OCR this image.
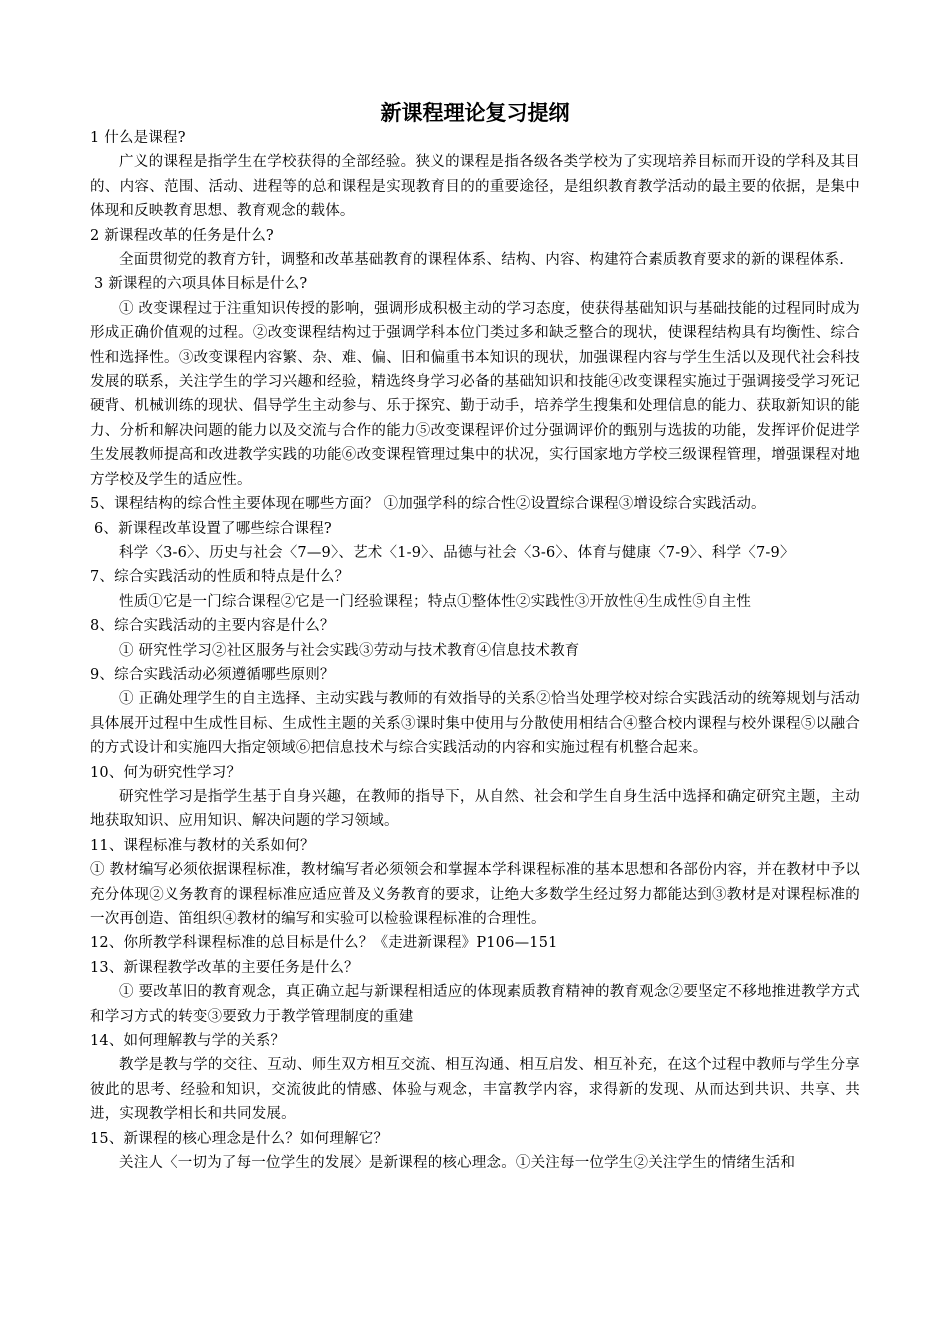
新课程理论复习提纲

1 什么是课程?

广义的课程是指学生在学校获得的全部经验。狭义的课程是指各级各类学校为了实现培养目标而开设的学科及其目的、内容、范围、活动、进程等的总和课程是实现教育目的的重要途径，是组织教育教学活动的最主要的依据，是集中体现和反映教育思想、教育观念的载体。

2 新课程改革的任务是什么?

全面贯彻党的教育方针，调整和改革基础教育的课程体系、结构、内容、构建符合素质教育要求的新的课程体系.

3 新课程的六项具体目标是什么?

① 改变课程过于注重知识传授的影响，强调形成积极主动的学习态度，使获得基础知识与基础技能的过程同时成为形成正确价值观的过程。②改变课程结构过于强调学科本位门类过多和缺乏整合的现状，使课程结构具有均衡性、综合性和选择性。③改变课程内容繁、杂、难、偏、旧和偏重书本知识的现状，加强课程内容与学生生活以及现代社会科技发展的联系，关注学生的学习兴趣和经验，精选终身学习必备的基础知识和技能④改变课程实施过于强调接受学习死记硬背、机械训练的现状、倡导学生主动参与、乐于探究、勤于动手，培养学生搜集和处理信息的能力、获取新知识的能力、分析和解决问题的能力以及交流与合作的能力⑤改变课程评价过分强调评价的甄别与选拔的功能，发挥评价促进学生发展教师提高和改进教学实践的功能⑥改变课程管理过集中的状况，实行国家地方学校三级课程管理，增强课程对地方学校及学生的适应性。

5、课程结构的综合性主要体现在哪些方面？ ①加强学科的综合性②设置综合课程③增设综合实践活动。

6、新课程改革设置了哪些综合课程?

科学〈3-6〉、历史与社会〈7—9〉、艺术〈1-9〉、品德与社会〈3-6〉、体育与健康〈7-9〉、科学〈7-9〉

7、综合实践活动的性质和特点是什么？

性质①它是一门综合课程②它是一门经验课程；特点①整体性②实践性③开放性④生成性⑤自主性

8、综合实践活动的主要内容是什么？

① 研究性学习②社区服务与社会实践③劳动与技术教育④信息技术教育

9、综合实践活动必须遵循哪些原则？

① 正确处理学生的自主选择、主动实践与教师的有效指导的关系②恰当处理学校对综合实践活动的统筹规划与活动具体展开过程中生成性目标、生成性主题的关系③课时集中使用与分散使用相结合④整合校内课程与校外课程⑤以融合的方式设计和实施四大指定领域⑥把信息技术与综合实践活动的内容和实施过程有机整合起来。

10、何为研究性学习？

研究性学习是指学生基于自身兴趣，在教师的指导下，从自然、社会和学生自身生活中选择和确定研究主题，主动地获取知识、应用知识、解决问题的学习领域。

11、课程标准与教材的关系如何？

① 教材编写必须依据课程标准，教材编写者必须领会和掌握本学科课程标准的基本思想和各部份内容，并在教材中予以充分体现②义务教育的课程标准应适应普及义务教育的要求，让绝大多数学生经过努力都能达到③教材是对课程标准的一次再创造、笛组织④教材的编写和实验可以检验课程标准的合理性。

12、你所教学科课程标准的总目标是什么？《走进新课程》P106—151

13、新课程教学改革的主要任务是什么？

① 要改革旧的教育观念，真正确立起与新课程相适应的体现素质教育精神的教育观念②要坚定不移地推进教学方式和学习方式的转变③要致力于教学管理制度的重建

14、如何理解教与学的关系？

教学是教与学的交往、互动、师生双方相互交流、相互沟通、相互启发、相互补充，在这个过程中教师与学生分享彼此的思考、经验和知识，交流彼此的情感、体验与观念，丰富教学内容，求得新的发现、从而达到共识、共享、共进，实现教学相长和共同发展。

15、新课程的核心理念是什么？如何理解它？

关注人〈一切为了每一位学生的发展〉是新课程的核心理念。①关注每一位学生②关注学生的情绪生活和
